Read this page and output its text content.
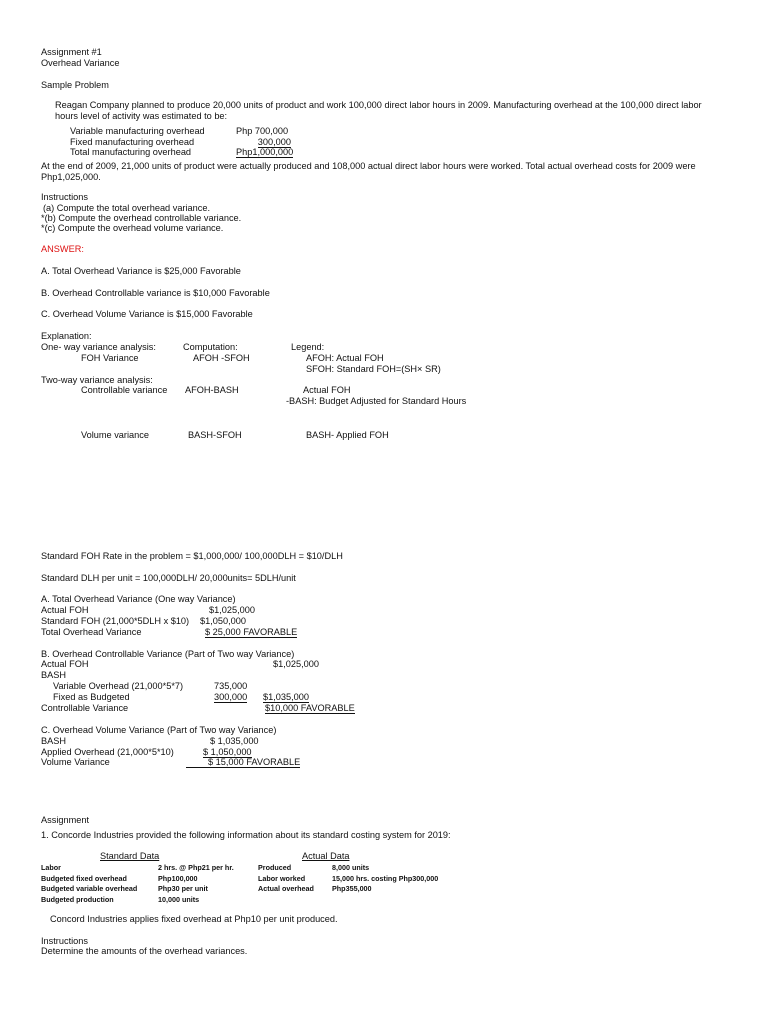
Assignment #1
Overhead Variance
Sample Problem
Reagan Company planned to produce 20,000 units of product and work 100,000 direct labor hours in 2009. Manufacturing overhead at the 100,000 direct labor hours level of activity was estimated to be:
Variable manufacturing overhead	Php 700,000
Fixed manufacturing overhead	300,000
Total manufacturing overhead	Php1,000,000
At the end of 2009, 21,000 units of product were actually produced and 108,000 actual direct labor hours were worked. Total actual overhead costs for 2009 were Php1,025,000.
Instructions
(a) Compute the total overhead variance.
*(b) Compute the overhead controllable variance.
*(c) Compute the overhead volume variance.
ANSWER:
A. Total Overhead Variance is $25,000 Favorable
B. Overhead Controllable variance is $10,000 Favorable
C. Overhead Volume Variance is $15,000 Favorable
Explanation:
One- way variance analysis:	Computation:	Legend:
FOH Variance	AFOH -SFOH	AFOH: Actual FOH
SFOH: Standard FOH=(SH× SR)
Two-way variance analysis:
Controllable variance AFOH-BASH	Actual FOH
-BASH: Budget Adjusted for Standard Hours
Volume variance	BASH-SFOH	BASH- Applied FOH
Standard FOH Rate in the problem = $1,000,000/ 100,000DLH = $10/DLH
Standard DLH per unit = 100,000DLH/ 20,000units= 5DLH/unit
A. Total Overhead Variance (One way Variance)
Actual FOH	$1,025,000
Standard FOH (21,000*5DLH x $10) $1,050,000
Total Overhead Variance	$ 25,000 FAVORABLE
B. Overhead Controllable Variance (Part of Two way Variance)
Actual FOH	$1,025,000
BASH
Variable Overhead (21,000*5*7)	735,000
Fixed as Budgeted	300,000 $1,035,000
Controllable Variance	$10,000 FAVORABLE
C. Overhead Volume Variance (Part of Two way Variance)
BASH	$ 1,035,000
Applied Overhead (21,000*5*10)	$ 1,050,000
Volume Variance	$ 15,000 FAVORABLE
Assignment
1. Concorde Industries provided the following information about its standard costing system for 2019:
Standard Data	Actual Data
Labor	2 hrs. @ Php21 per hr.	Produced	8,000 units
Budgeted fixed overhead	Php100,000	Labor worked	15,000 hrs. costing Php300,000
Budgeted variable overhead	Php30 per unit	Actual overhead	Php355,000
Budgeted production	10,000 units
Concord Industries applies fixed overhead at Php10 per unit produced.
Instructions
Determine the amounts of the overhead variances.
